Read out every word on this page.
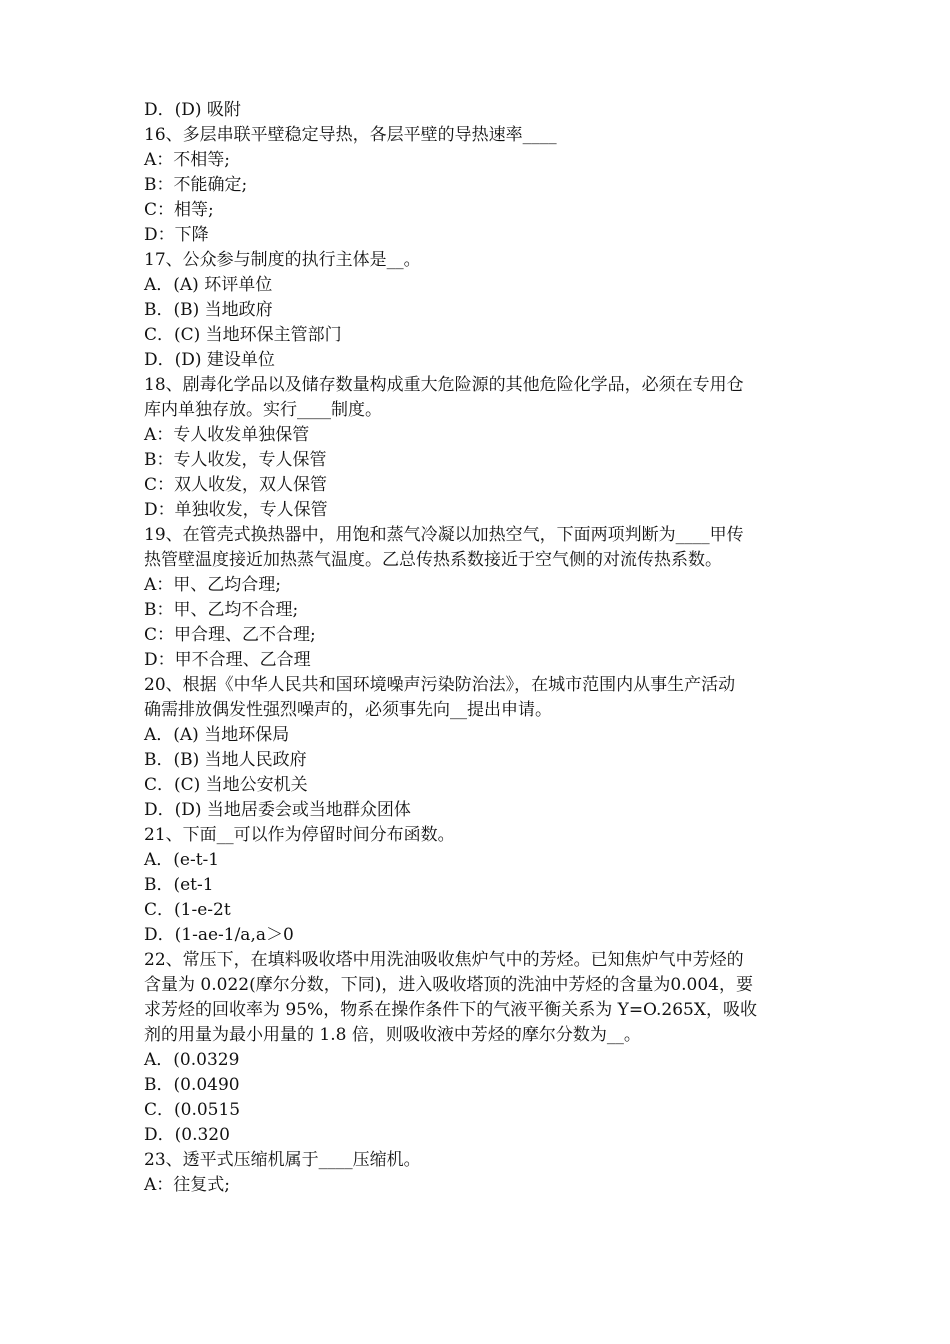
D．(D) 吸附
16、多层串联平壁稳定导热，各层平壁的导热速率____
A：不相等;
B：不能确定;
C：相等;
D：下降
17、公众参与制度的执行主体是__。
A．(A) 环评单位
B．(B) 当地政府
C．(C) 当地环保主管部门
D．(D) 建设单位
18、剧毒化学品以及储存数量构成重大危险源的其他危险化学品，必须在专用仓
库内单独存放。实行____制度。
A：专人收发单独保管
B：专人收发，专人保管
C：双人收发，双人保管
D：单独收发，专人保管
19、在管壳式换热器中，用饱和蒸气冷凝以加热空气，下面两项判断为____甲传
热管壁温度接近加热蒸气温度。乙总传热系数接近于空气侧的对流传热系数。
A：甲、乙均合理;
B：甲、乙均不合理;
C：甲合理、乙不合理;
D：甲不合理、乙合理
20、根据《中华人民共和国环境噪声污染防治法》，在城市范围内从事生产活动
确需排放偶发性强烈噪声的，必须事先向__提出申请。
A．(A) 当地环保局
B．(B) 当地人民政府
C．(C) 当地公安机关
D．(D) 当地居委会或当地群众团体
21、下面__可以作为停留时间分布函数。
A．(e-t-1
B．(et-1
C．(1-e-2t
D．(1-ae-1/a,a＞0
22、常压下，在填料吸收塔中用洗油吸收焦炉气中的芳烃。已知焦炉气中芳烃的
含量为 0.022(摩尔分数，下同)，进入吸收塔顶的洗油中芳烃的含量为0.004，要
求芳烃的回收率为 95%，物系在操作条件下的气液平衡关系为 Y=O.265X，吸收
剂的用量为最小用量的 1.8 倍，则吸收液中芳烃的摩尔分数为__。
A．(0.0329
B．(0.0490
C．(0.0515
D．(0.320
23、透平式压缩机属于____压缩机。
A：往复式;
